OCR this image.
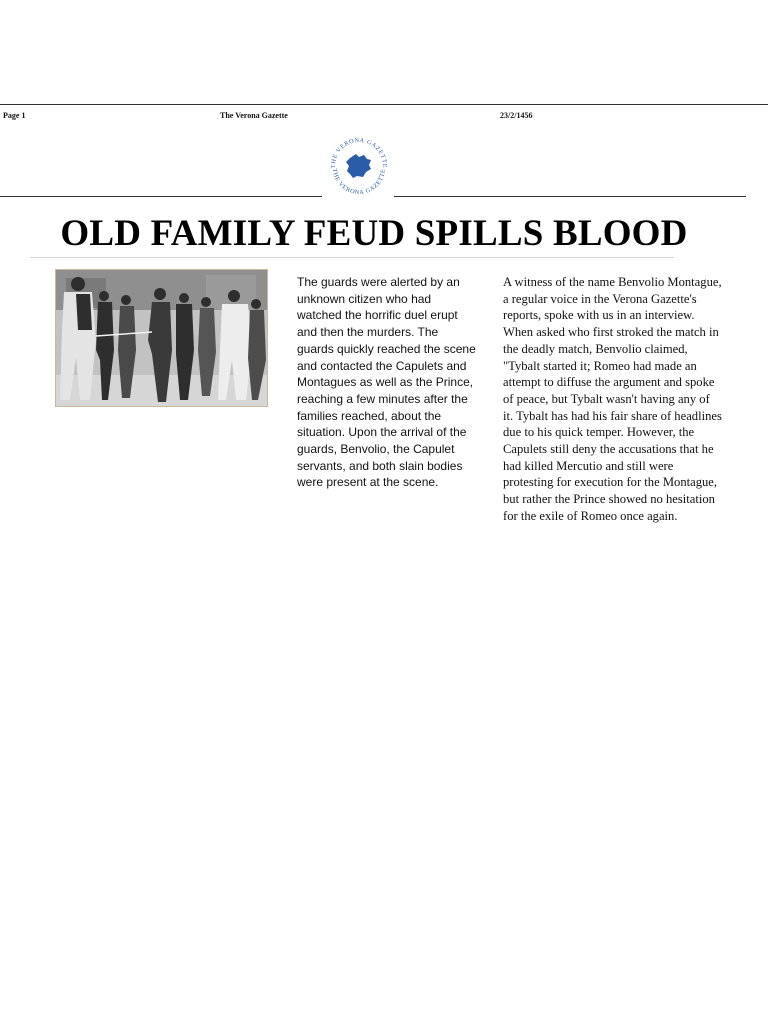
Page 1	The Verona Gazette	23/2/1456
THE VERONA GAZETTE
THE VERONA GAZETTE
OLD FAMILY FEUD SPILLS BLOOD

The guards were alerted by an unknown citizen who had watched the horrific duel erupt and then the murders. The guards quickly reached the scene and contacted the Capulets and Montagues as well as the Prince, reaching a few minutes after the families reached, about the situation. Upon the arrival of the guards, Benvolio, the Capulet servants, and both slain bodies were present at the scene.

A witness of the name Benvolio Montague, a regular voice in the Verona Gazette's reports, spoke with us in an interview. When asked who first stroked the match in the deadly match, Benvolio claimed, "Tybalt started it; Romeo had made an attempt to diffuse the argument and spoke of peace, but Tybalt wasn't having any of it. Tybalt has had his fair share of headlines due to his quick temper. However, the Capulets still deny the accusations that he had killed Mercutio and still were protesting for execution for the Montague, but rather the Prince showed no hesitation for the exile of Romeo once again.
